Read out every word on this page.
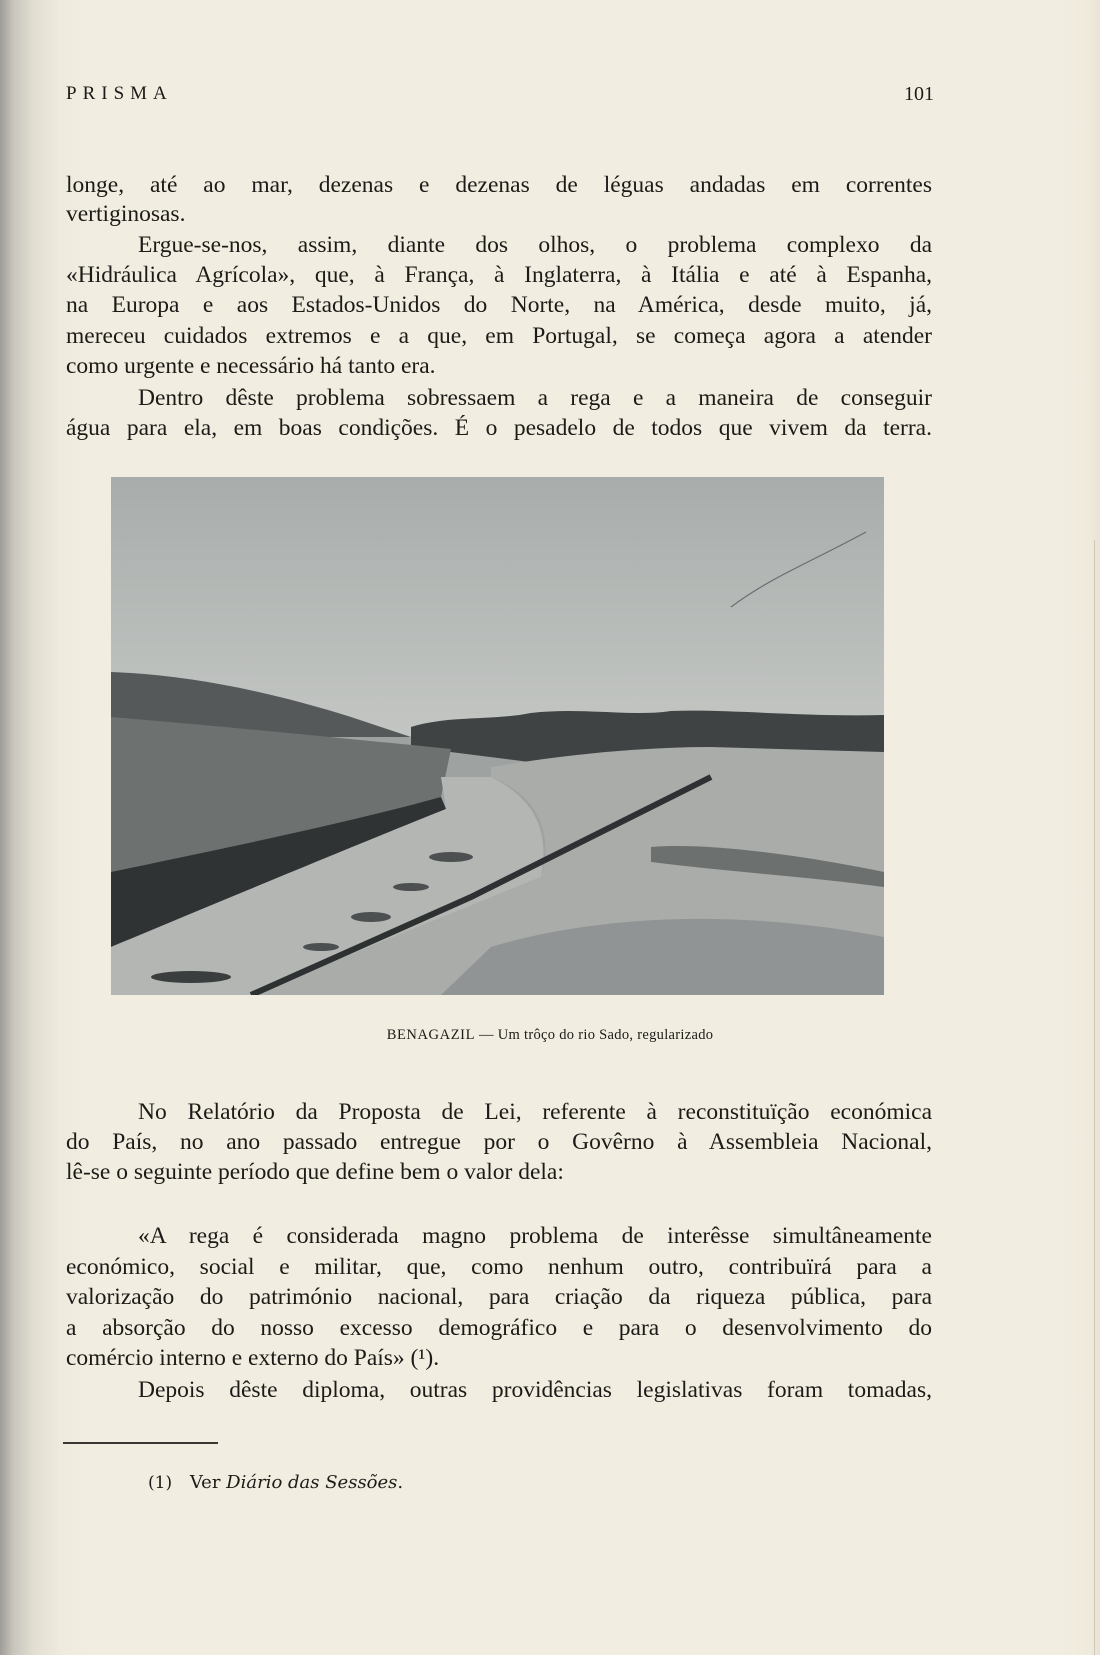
PRISMA	101
longe, até ao mar, dezenas e dezenas de léguas andadas em correntes
vertiginosas.
Ergue-se-nos, assim, diante dos olhos, o problema complexo da
«Hidráulica Agrícola», que, à França, à Inglaterra, à Itália e até à Espanha,
na Europa e aos Estados-Unidos do Norte, na América, desde muito, já,
mereceu cuidados extremos e a que, em Portugal, se começa agora a atender
como urgente e necessário há tanto era.
Dentro dêste problema sobressaem a rega e a maneira de conseguir
água para ela, em boas condições. É o pesadelo de todos que vivem da terra.
BENAGAZIL — Um trôço do rio Sado, regularizado
No Relatório da Proposta de Lei, referente à reconstituïção económica
do País, no ano passado entregue por o Govêrno à Assembleia Nacional,
lê-se o seguinte período que define bem o valor dela:
«A rega é considerada magno problema de interêsse simultâneamente
económico, social e militar, que, como nenhum outro, contribuïrá para a
valorização do património nacional, para criação da riqueza pública, para
a absorção do nosso excesso demográfico e para o desenvolvimento do
comércio interno e externo do País» (¹).
Depois dêste diploma, outras providências legislativas foram tomadas,
(1) Ver Diário das Sessões.
